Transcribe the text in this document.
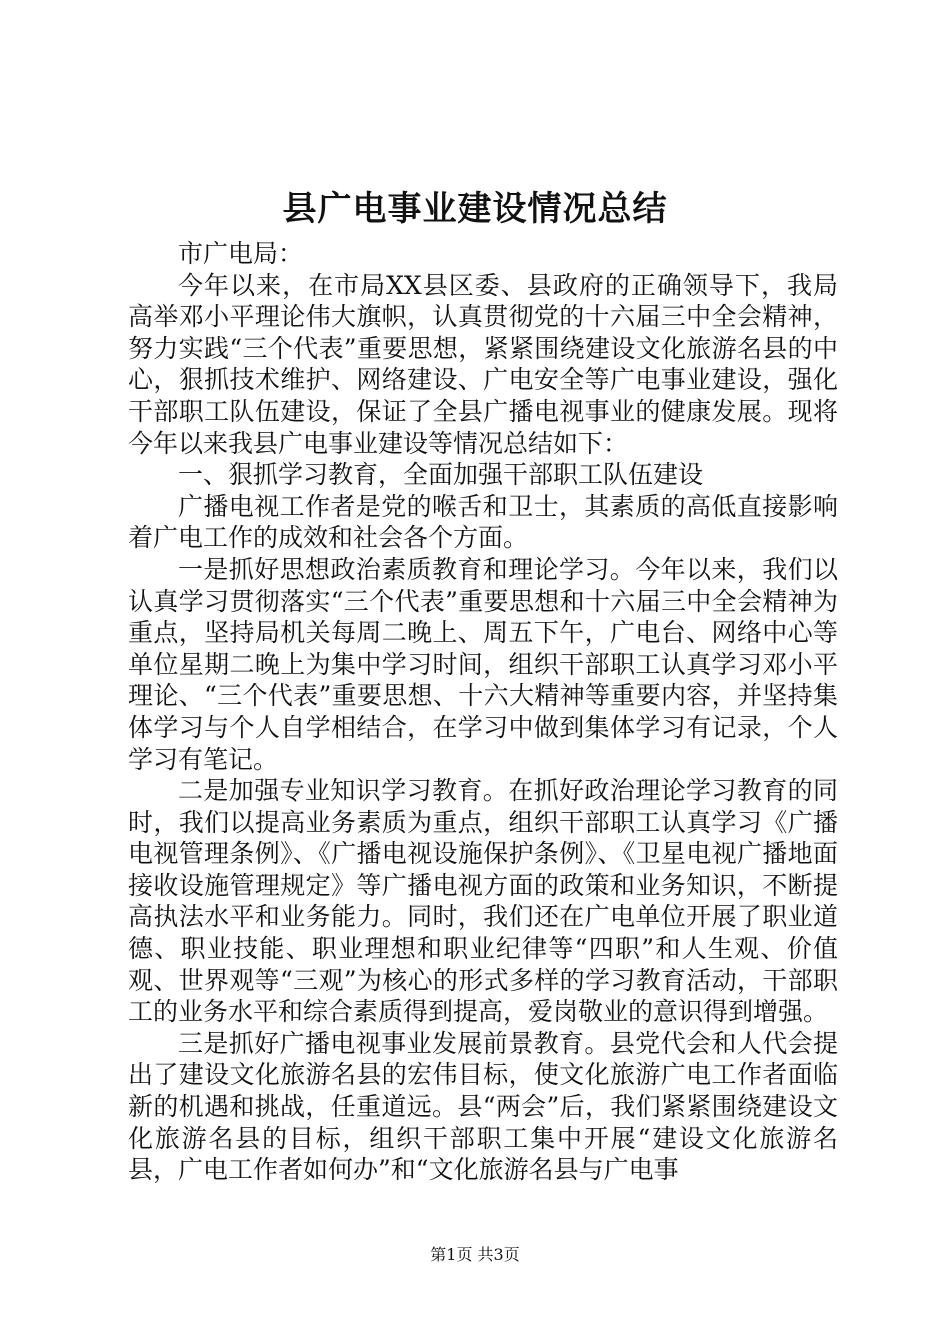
县广电事业建设情况总结

市广电局：

今年以来，在市局XX县区委、县政府的正确领导下，我局高举邓小平理论伟大旗帜，认真贯彻党的十六届三中全会精神，努力实践“三个代表”重要思想，紧紧围绕建设文化旅游名县的中心，狠抓技术维护、网络建设、广电安全等广电事业建设，强化干部职工队伍建设，保证了全县广播电视事业的健康发展。现将今年以来我县广电事业建设等情况总结如下：

一、狠抓学习教育，全面加强干部职工队伍建设

广播电视工作者是党的喉舌和卫士，其素质的高低直接影响着广电工作的成效和社会各个方面。

一是抓好思想政治素质教育和理论学习。今年以来，我们以认真学习贯彻落实“三个代表”重要思想和十六届三中全会精神为重点，坚持局机关每周二晚上、周五下午，广电台、网络中心等单位星期二晚上为集中学习时间，组织干部职工认真学习邓小平理论、“三个代表”重要思想、十六大精神等重要内容，并坚持集体学习与个人自学相结合，在学习中做到集体学习有记录，个人学习有笔记。

二是加强专业知识学习教育。在抓好政治理论学习教育的同时，我们以提高业务素质为重点，组织干部职工认真学习《广播电视管理条例》、《广播电视设施保护条例》、《卫星电视广播地面接收设施管理规定》等广播电视方面的政策和业务知识，不断提高执法水平和业务能力。同时，我们还在广电单位开展了职业道德、职业技能、职业理想和职业纪律等“四职”和人生观、价值观、世界观等“三观”为核心的形式多样的学习教育活动，干部职工的业务水平和综合素质得到提高，爱岗敬业的意识得到增强。

三是抓好广播电视事业发展前景教育。县党代会和人代会提出了建设文化旅游名县的宏伟目标，使文化旅游广电工作者面临新的机遇和挑战，任重道远。县“两会”后，我们紧紧围绕建设文化旅游名县的目标，组织干部职工集中开展“建设文化旅游名县，广电工作者如何办”和“文化旅游名县与广电事

第1页 共3页
